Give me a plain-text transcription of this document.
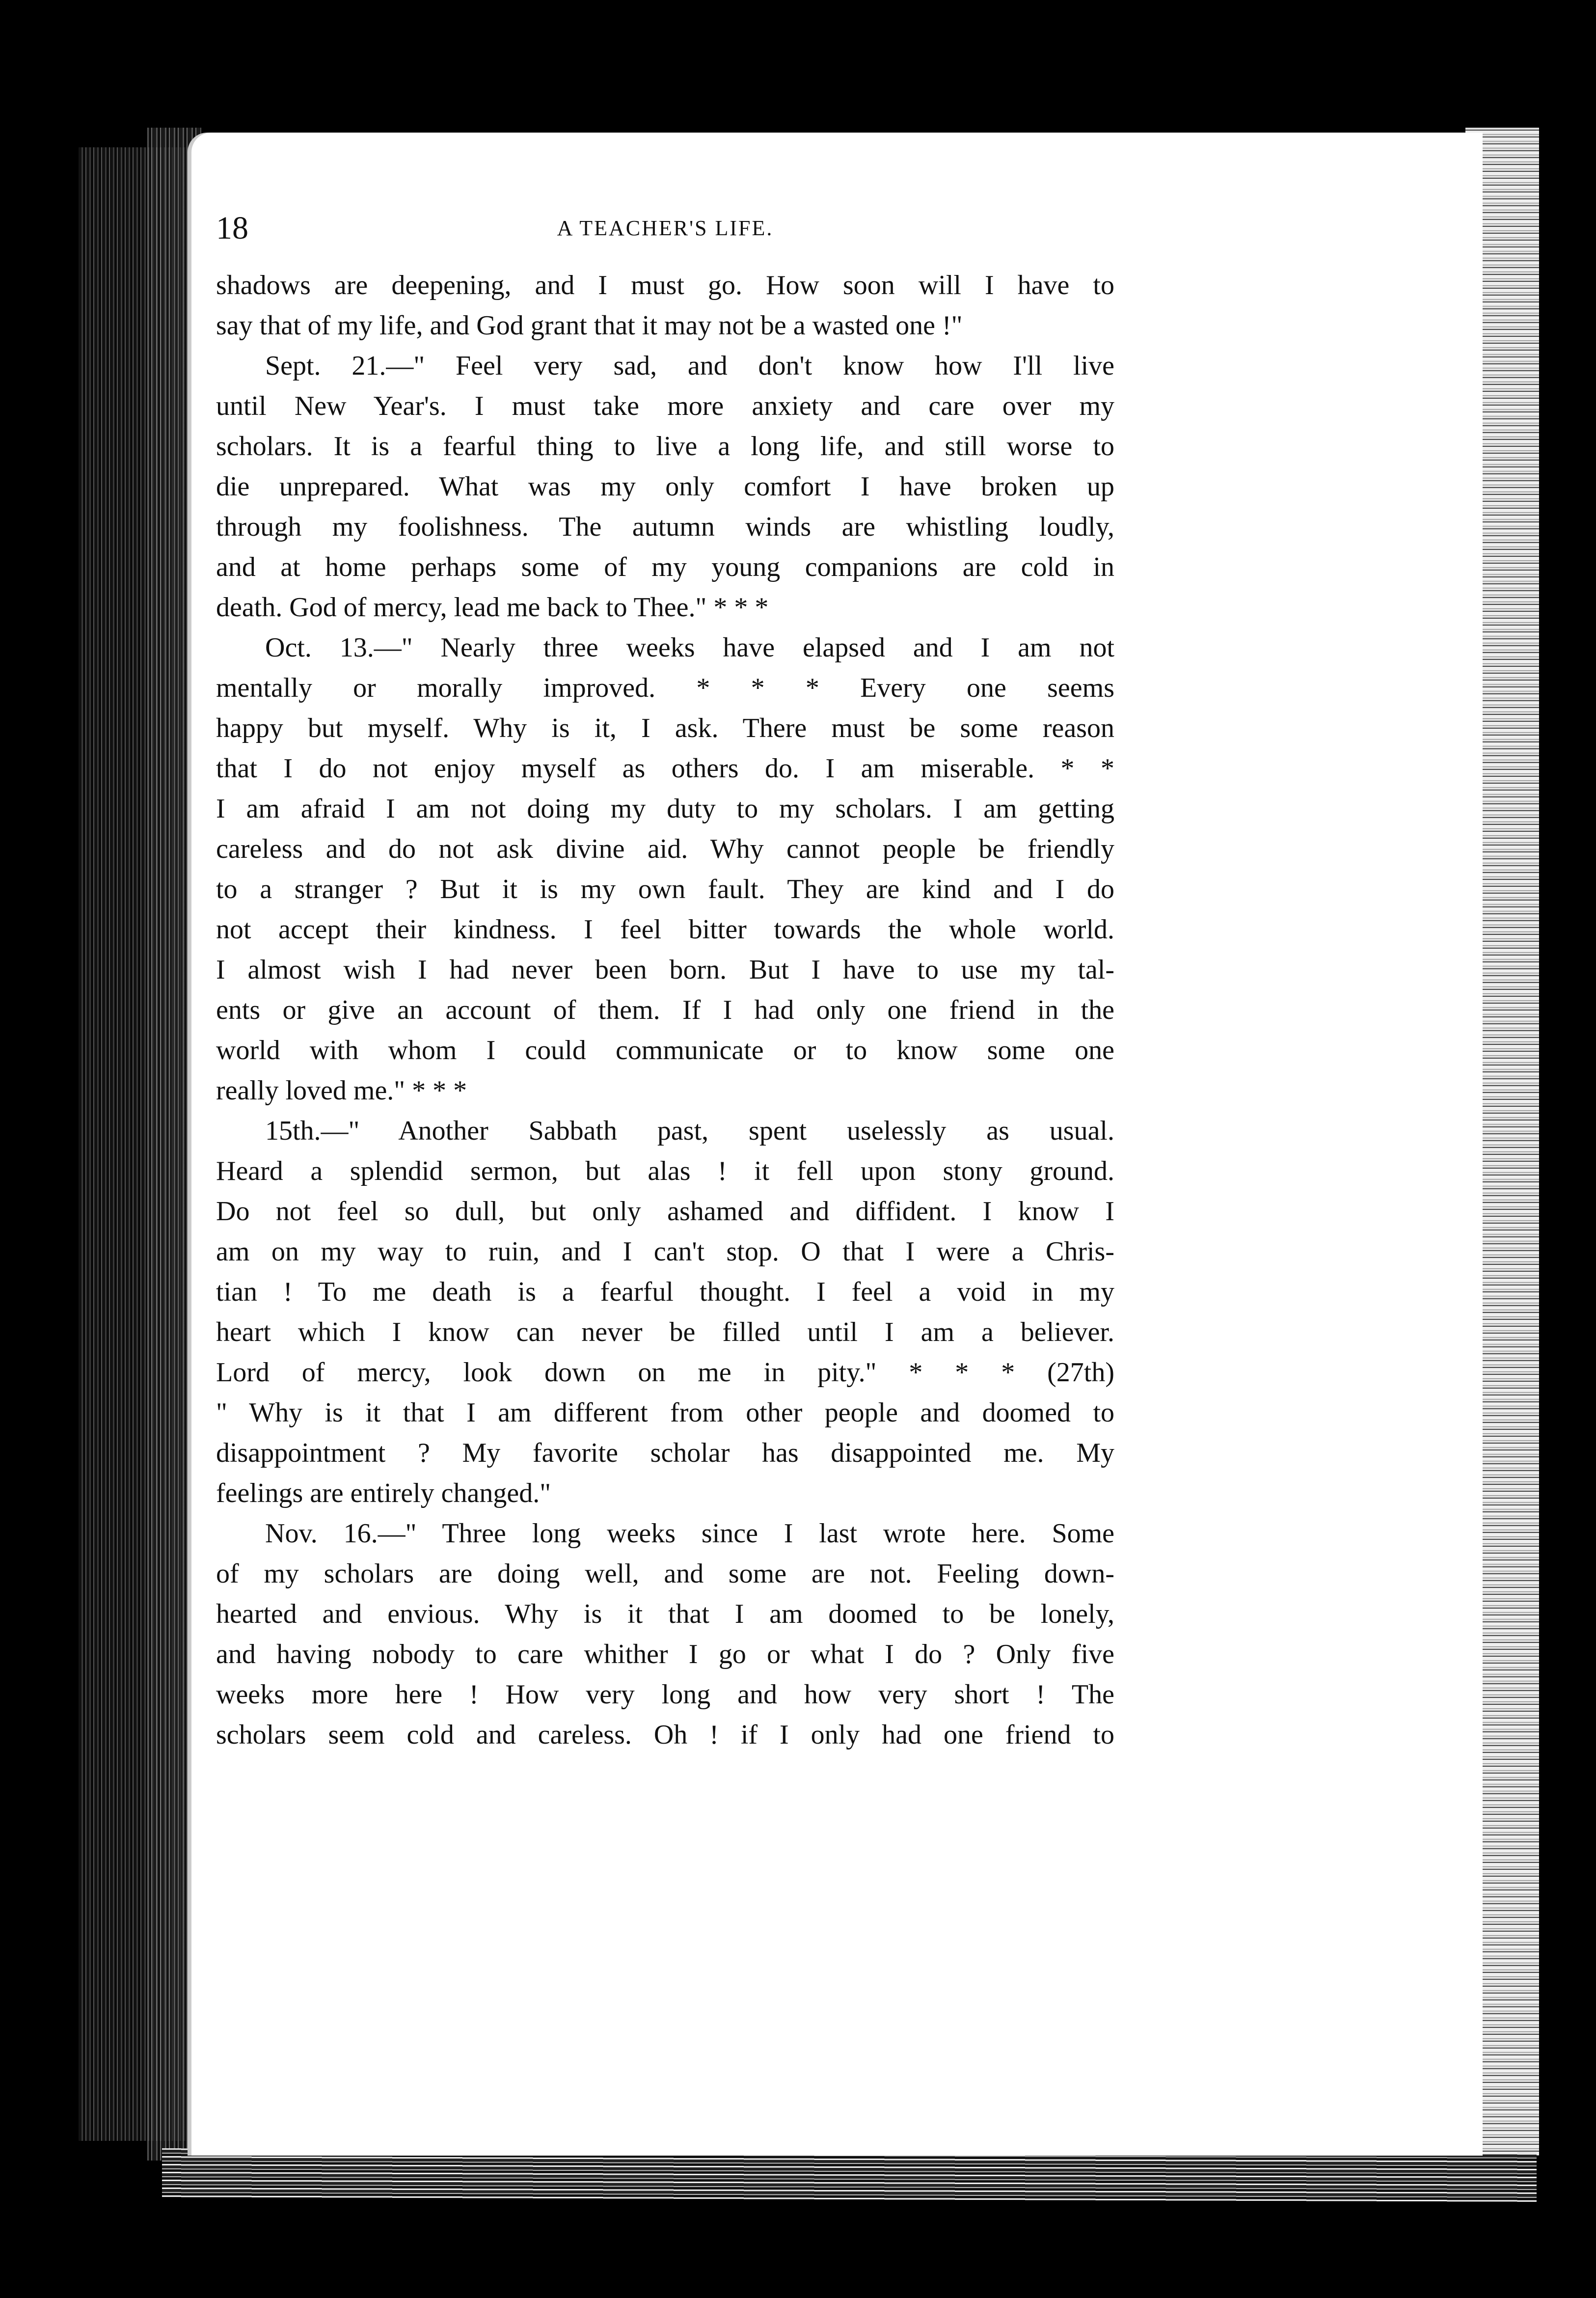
18	A TEACHER'S LIFE.

shadows are deepening, and I must go. How soon will I have to

say that of my life, and God grant that it may not be a wasted one !"

Sept. 21.—" Feel very sad, and don't know how I'll live

until New Year's. I must take more anxiety and care over my

scholars. It is a fearful thing to live a long life, and still worse to

die unprepared. What was my only comfort I have broken up

through my foolishness. The autumn winds are whistling loudly,

and at home perhaps some of my young companions are cold in

death. God of mercy, lead me back to Thee." * * *

Oct. 13.—" Nearly three weeks have elapsed and I am not

mentally or morally improved. * * * Every one seems

happy but myself. Why is it, I ask. There must be some reason

that I do not enjoy myself as others do. I am miserable. * *

I am afraid I am not doing my duty to my scholars. I am getting

careless and do not ask divine aid. Why cannot people be friendly

to a stranger ? But it is my own fault. They are kind and I do

not accept their kindness. I feel bitter towards the whole world.

I almost wish I had never been born. But I have to use my tal-

ents or give an account of them. If I had only one friend in the

world with whom I could communicate or to know some one

really loved me." * * *

15th.—" Another Sabbath past, spent uselessly as usual.

Heard a splendid sermon, but alas ! it fell upon stony ground.

Do not feel so dull, but only ashamed and diffident. I know I

am on my way to ruin, and I can't stop. O that I were a Chris-

tian ! To me death is a fearful thought. I feel a void in my

heart which I know can never be filled until I am a believer.

Lord of mercy, look down on me in pity." * * * (27th)

" Why is it that I am different from other people and doomed to

disappointment ? My favorite scholar has disappointed me. My

feelings are entirely changed."

Nov. 16.—" Three long weeks since I last wrote here. Some

of my scholars are doing well, and some are not. Feeling down-

hearted and envious. Why is it that I am doomed to be lonely,

and having nobody to care whither I go or what I do ? Only five

weeks more here ! How very long and how very short ! The

scholars seem cold and careless. Oh ! if I only had one friend to
